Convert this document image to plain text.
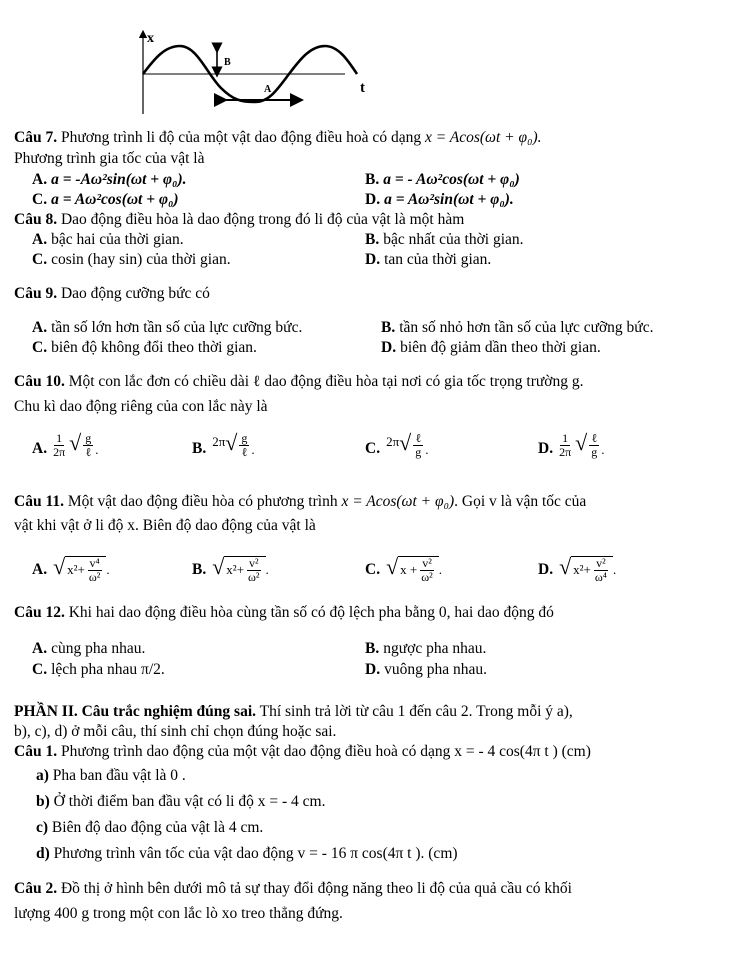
x
t
B
A
Câu 7. Phương trình li độ của một vật dao động điều hoà có dạng x = Acos(ωt + φ₀).
Phương trình gia tốc của vật là
A. a = -Aω²sin(ωt + φ₀).	B. a = - Aω²cos(ωt + φ₀)
C. a = Aω²cos(ωt + φ₀)	D. a = Aω²sin(ωt + φ₀).
Câu 8. Dao động điều hòa là dao động trong đó li độ của vật là một hàm
A. bậc hai của thời gian.	B. bậc nhất của thời gian.
C. cosin (hay sin) của thời gian.	D. tan của thời gian.
Câu 9. Dao động cưỡng bức có
A. tần số lớn hơn tần số của lực cưỡng bức.	B. tần số nhỏ hơn tần số của lực cưỡng bức.
C. biên độ không đổi theo thời gian.	D. biên độ giảm dần theo thời gian.
Câu 10. Một con lắc đơn có chiều dài ℓ dao động điều hòa tại nơi có gia tốc trọng trường g.
Chu kì dao động riêng của con lắc này là
A. $\frac{1}{2\pi}$ √ $\frac{g}{\text{ℓ}}$ .	B. 2π √ $\frac{g}{\text{ℓ}}$ .	C. 2π √ $\frac{\text{ℓ}}{g}$ .	D. $\frac{1}{2\pi}$ √ $\frac{\text{ℓ}}{g}$ .
Câu 11. Một vật dao động điều hòa có phương trình x = Acos(ωt + φ₀). Gọi v là vận tốc của
vật khi vật ở li độ x. Biên độ dao động của vật là
A. √ $x^2+ \frac{\text{v⁴}}{\text{ω²}}$ .	B. √ $x^2+ \frac{\text{v²}}{\text{ω²}}$ .	C. √ $x + \frac{\text{v²}}{\text{ω²}}$ .	D. √ $x^2+ \frac{\text{v²}}{\text{ω⁴}}$ .
Câu 12. Khi hai dao động điều hòa cùng tần số có độ lệch pha bằng 0, hai dao động đó
A. cùng pha nhau.	B. ngược pha nhau.
C. lệch pha nhau π/2.	D. vuông pha nhau.
PHẦN II. Câu trắc nghiệm đúng sai. Thí sinh trả lời từ câu 1 đến câu 2. Trong mỗi ý a),
b), c), d) ở mỗi câu, thí sinh chỉ chọn đúng hoặc sai.
Câu 1. Phương trình dao động của một vật dao động điều hoà có dạng x = - 4 cos(4π t ) (cm)
a) Pha ban đầu vật là 0 .
b) Ở thời điểm ban đầu vật có li độ x = - 4 cm.
c) Biên độ dao động của vật là 4 cm.
d) Phương trình vân tốc của vật dao động v = - 16 π cos(4π t ). (cm)
Câu 2. Đồ thị ở hình bên dưới mô tả sự thay đổi động năng theo li độ của quả cầu có khối
lượng 400 g trong một con lắc lò xo treo thẳng đứng.
